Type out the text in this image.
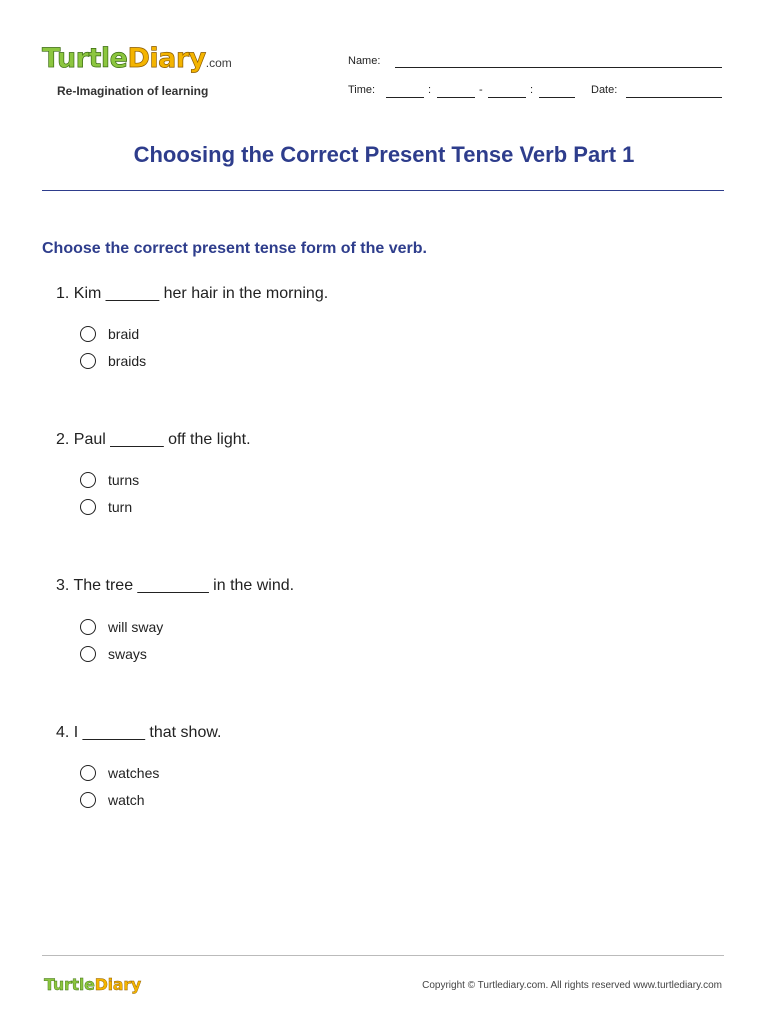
TurtleDiary.com
Re-Imagination of learning
Name:
Time:	:	-	:	Date:
Choosing the Correct Present Tense Verb Part 1
Choose the correct present tense form of the verb.
1. Kim ______ her hair in the morning.
braid
braids
2. Paul ______ off the light.
turns
turn
3. The tree ________ in the wind.
will sway
sways
4. I _______ that show.
watches
watch
TurtleDiary	Copyright © Turtlediary.com. All rights reserved www.turtlediary.com
